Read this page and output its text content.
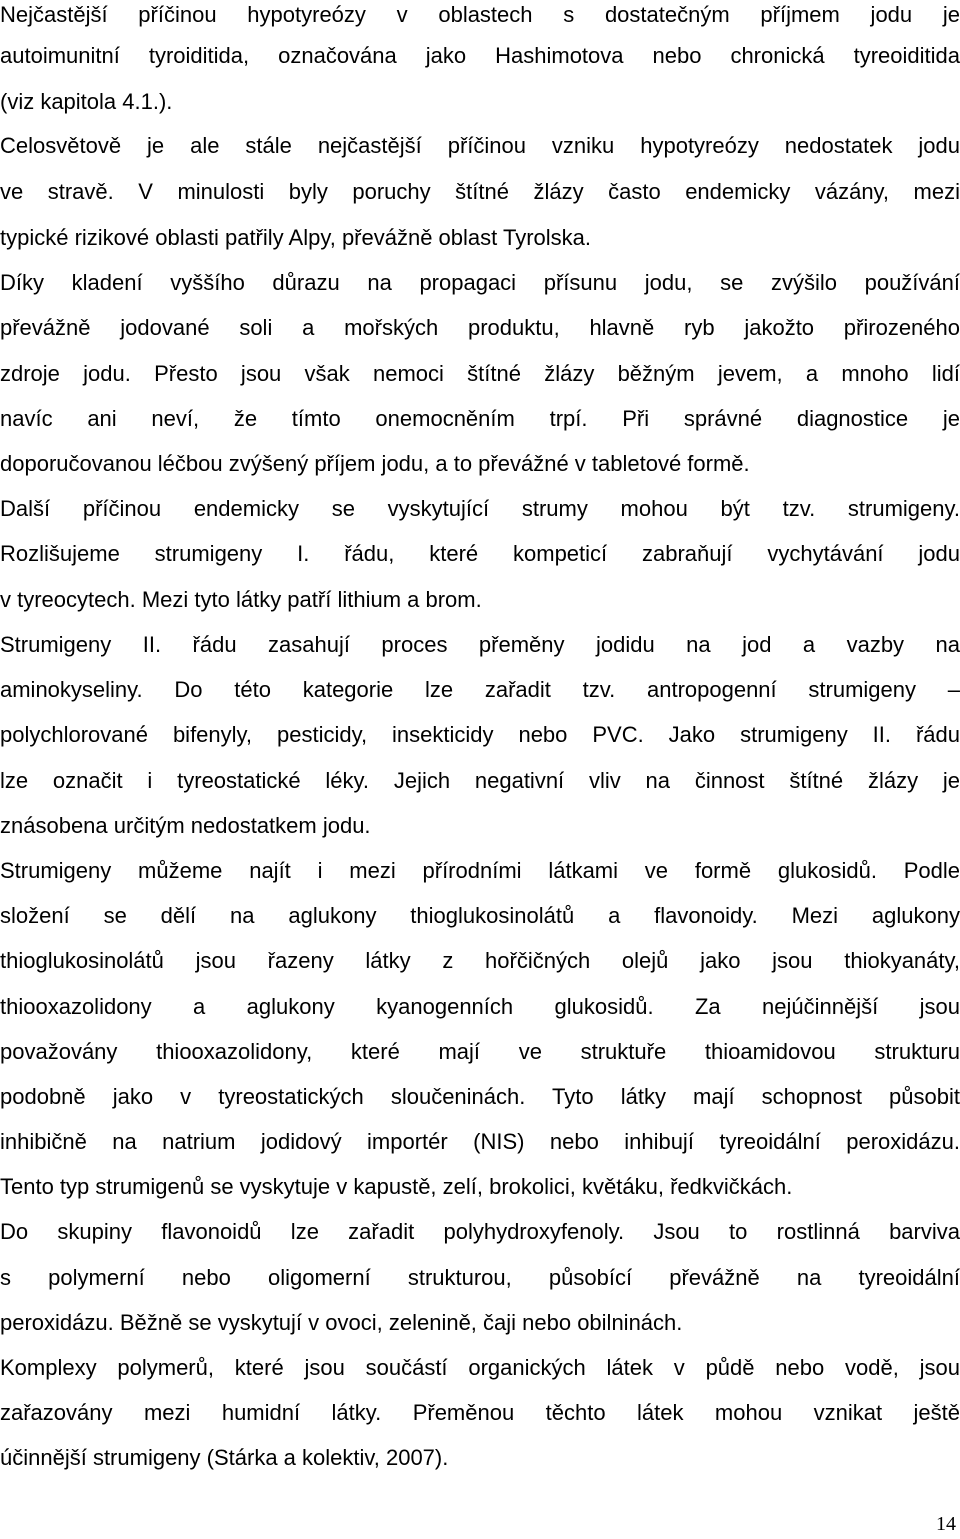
Nejčastější příčinou hypotyreózy v oblastech s dostatečným příjmem jodu je
autoimunitní tyroiditida, označována jako Hashimotova nebo chronická tyreoiditida
(viz kapitola 4.1.).
Celosvětově je ale stále nejčastější příčinou vzniku hypotyreózy nedostatek jodu
ve stravě. V minulosti byly poruchy štítné žlázy často endemicky vázány, mezi
typické rizikové oblasti patřily Alpy, převážně oblast Tyrolska.
Díky kladení vyššího důrazu na propagaci přísunu jodu, se zvýšilo používání
převážně jodované soli a mořských produktu, hlavně ryb jakožto přirozeného
zdroje jodu. Přesto jsou však nemoci štítné žlázy běžným jevem, a mnoho lidí
navíc ani neví, že tímto onemocněním trpí. Při správné diagnostice je
doporučovanou léčbou zvýšený příjem jodu, a to převážné v tabletové formě.
Další příčinou endemicky se vyskytující strumy mohou být tzv. strumigeny.
Rozlišujeme strumigeny I. řádu, které kompeticí zabraňují vychytávání jodu
v tyreocytech. Mezi tyto látky patří lithium a brom.
Strumigeny II. řádu zasahují proces přeměny jodidu na jod a vazby na
aminokyseliny. Do této kategorie lze zařadit tzv. antropogenní strumigeny –
polychlorované bifenyly, pesticidy, insekticidy nebo PVC. Jako strumigeny II. řádu
lze označit i tyreostatické léky. Jejich negativní vliv na činnost štítné žlázy je
znásobena určitým nedostatkem jodu.
Strumigeny můžeme najít i mezi přírodními látkami ve formě glukosidů. Podle
složení se dělí na aglukony thioglukosinolátů a flavonoidy. Mezi aglukony
thioglukosinolátů jsou řazeny látky z hořčičných olejů jako jsou thiokyanáty,
thiooxazolidony a aglukony kyanogenních glukosidů. Za nejúčinnější jsou
považovány thiooxazolidony, které mají ve struktuře thioamidovou strukturu
podobně jako v tyreostatických sloučeninách. Tyto látky mají schopnost působit
inhibičně na natrium jodidový importér (NIS) nebo inhibují tyreoidální peroxidázu.
Tento typ strumigenů se vyskytuje v kapustě, zelí, brokolici, květáku, ředkvičkách.
Do skupiny flavonoidů lze zařadit polyhydroxyfenoly. Jsou to rostlinná barviva
s polymerní nebo oligomerní strukturou, působící převážně na tyreoidální
peroxidázu. Běžně se vyskytují v ovoci, zelenině, čaji nebo obilninách.
Komplexy polymerů, které jsou součástí organických látek v půdě nebo vodě, jsou
zařazovány mezi humidní látky. Přeměnou těchto látek mohou vznikat ještě
účinnější strumigeny (Stárka a kolektiv, 2007).
14
